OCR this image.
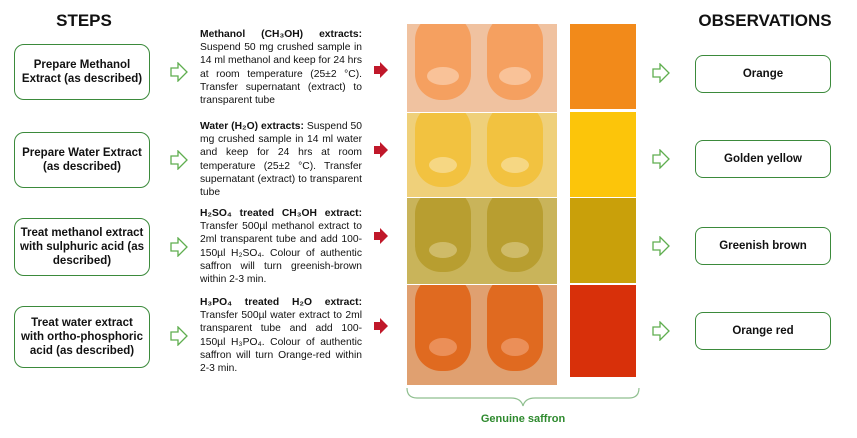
STEPS	OBSERVATIONS
Prepare Methanol Extract (as described)
Prepare Water Extract (as described)
Treat methanol extract with sulphuric acid (as described)
Treat water extract with ortho-phosphoric acid (as described)
Methanol (CH₃OH) extracts: Suspend 50 mg crushed sample in 14 ml methanol and keep for 24 hrs at room temperature (25±2 °C). Transfer supernatant (extract) to transparent tube
Water (H₂O) extracts: Suspend 50 mg crushed sample in 14 ml water and keep for 24 hrs at room temperature (25±2 °C). Transfer supernatant (extract) to transparent tube
H₂SO₄ treated CH₃OH extract: Transfer 500µl methanol extract to 2ml transparent tube and add 100-150µl H₂SO₄. Colour of authentic saffron will turn greenish-brown within 2-3 min.
H₃PO₄ treated H₂O extract: Transfer 500µl water extract to 2ml transparent tube and add 100-150µl H₃PO₄. Colour of authentic saffron will turn Orange-red within 2-3 min.
Orange
Golden yellow
Greenish brown
Orange red
Genuine saffron
